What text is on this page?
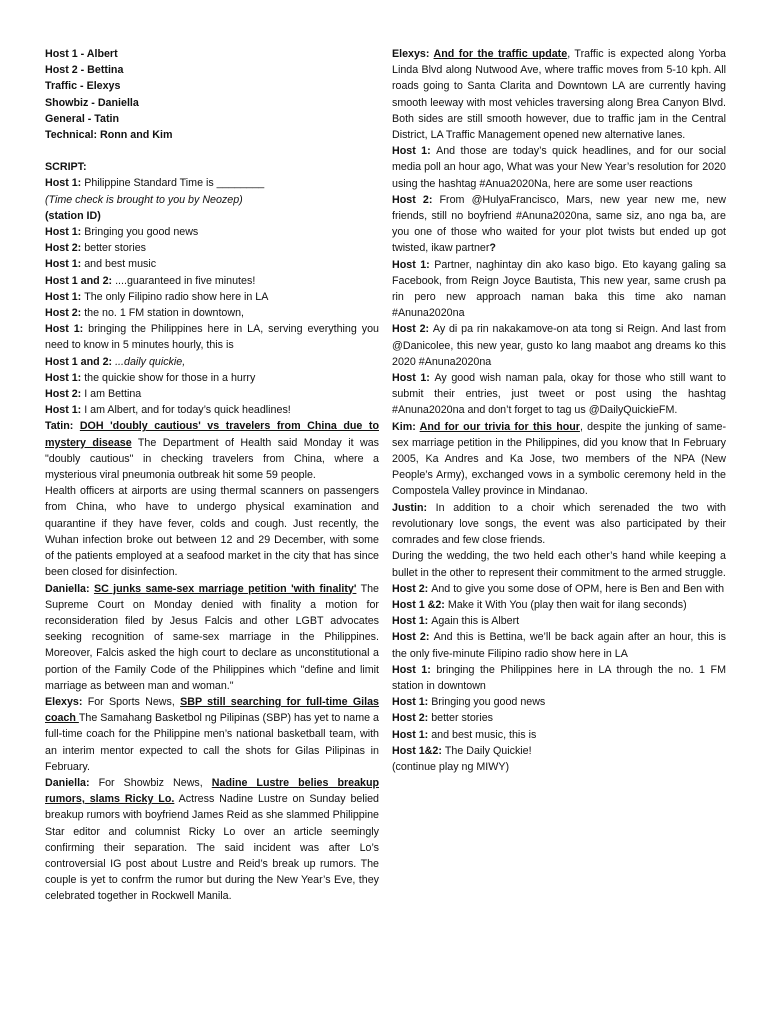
Host 1 - Albert

Host 2 - Bettina

Traffic - Elexys

Showbiz - Daniella

General - Tatin

Technical: Ronn and Kim

SCRIPT:

Host 1: Philippine Standard Time is ________

(Time check is brought to you by Neozep)

(station ID)

Host 1: Bringing you good news

Host 2: better stories

Host 1: and best music

Host 1 and 2: ....guaranteed in five minutes!

Host 1: The only Filipino radio show here in LA

Host 2: the no. 1 FM station in downtown,

Host 1: bringing the Philippines here in LA, serving everything you need to know in 5 minutes hourly, this is

Host 1 and 2: ...daily quickie,

Host 1: the quickie show for those in a hurry

Host 2: I am Bettina

Host 1: I am Albert, and for today’s quick headlines!

Tatin: DOH 'doubly cautious' vs travelers from China due to mystery disease The Department of Health said Monday it was "doubly cautious" in checking travelers from China, where a mysterious viral pneumonia outbreak hit some 59 people.

Health officers at airports are using thermal scanners on passengers from China, who have to undergo physical examination and quarantine if they have fever, colds and cough. Just recently, the Wuhan infection broke out between 12 and 29 December, with some of the patients employed at a seafood market in the city that has since been closed for disinfection.

Daniella: SC junks same-sex marriage petition 'with finality' The Supreme Court on Monday denied with finality a motion for reconsideration filed by Jesus Falcis and other LGBT advocates seeking recognition of same-sex marriage in the Philippines. Moreover, Falcis asked the high court to declare as unconstitutional a portion of the Family Code of the Philippines which "define and limit marriage as between man and woman."

Elexys: For Sports News, SBP still searching for full-time Gilas coach The Samahang Basketbol ng Pilipinas (SBP) has yet to name a full-time coach for the Philippine men’s national basketball team, with an interim mentor expected to call the shots for Gilas Pilipinas in February.

Daniella: For Showbiz News, Nadine Lustre belies breakup rumors, slams Ricky Lo. Actress Nadine Lustre on Sunday belied breakup rumors with boyfriend James Reid as she slammed Philippine Star editor and columnist Ricky Lo over an article seemingly confirming their separation. The said incident was after Lo’s controversial IG post about Lustre and Reid’s break up rumors. The couple is yet to confrm the rumor but during the New Year’s Eve, they celebrated together in Rockwell Manila.

Elexys: And for the traffic update, Traffic is expected along Yorba Linda Blvd along Nutwood Ave, where traffic moves from 5-10 kph. All roads going to Santa Clarita and Downtown LA are currently having smooth leeway with most vehicles traversing along Brea Canyon Blvd. Both sides are still smooth however, due to traffic jam in the Central District, LA Traffic Management opened new alternative lanes.

Host 1: And those are today’s quick headlines, and for our social media poll an hour ago, What was your New Year’s resolution for 2020 using the hashtag #Anua2020Na, here are some user reactions

Host 2: From @HulyaFrancisco, Mars, new year new me, new friends, still no boyfriend #Anuna2020na, same siz, ano nga ba, are you one of those who waited for your plot twists but ended up got twisted, ikaw partner?

Host 1: Partner, naghintay din ako kaso bigo. Eto kayang galing sa Facebook, from Reign Joyce Bautista, This new year, same crush pa rin pero new approach naman baka this time ako naman #Anuna2020na

Host 2: Ay di pa rin nakakamove-on ata tong si Reign. And last from @Danicolee, this new year, gusto ko lang maabot ang dreams ko this 2020 #Anuna2020na

Host 1: Ay good wish naman pala, okay for those who still want to submit their entries, just tweet or post using the hashtag #Anuna2020na and don’t forget to tag us @DailyQuickieFM.

Kim: And for our trivia for this hour, despite the junking of same-sex marriage petition in the Philippines, did you know that In February 2005, Ka Andres and Ka Jose, two members of the NPA (New People’s Army), exchanged vows in a symbolic ceremony held in the Compostela Valley province in Mindanao.

Justin: In addition to a choir which serenaded the two with revolutionary love songs, the event was also participated by their comrades and few close friends.

During the wedding, the two held each other’s hand while keeping a bullet in the other to represent their commitment to the armed struggle.

Host 2: And to give you some dose of OPM, here is Ben and Ben with

Host 1 &2: Make it With You (play then wait for ilang seconds)

Host 1: Again this is Albert

Host 2: And this is Bettina, we’ll be back again after an hour, this is the only five-minute Filipino radio show here in LA

Host 1: bringing the Philippines here in LA through the no. 1 FM station in downtown

Host 1: Bringing you good news

Host 2: better stories

Host 1: and best music, this is

Host 1&2: The Daily Quickie!

(continue play ng MIWY)
